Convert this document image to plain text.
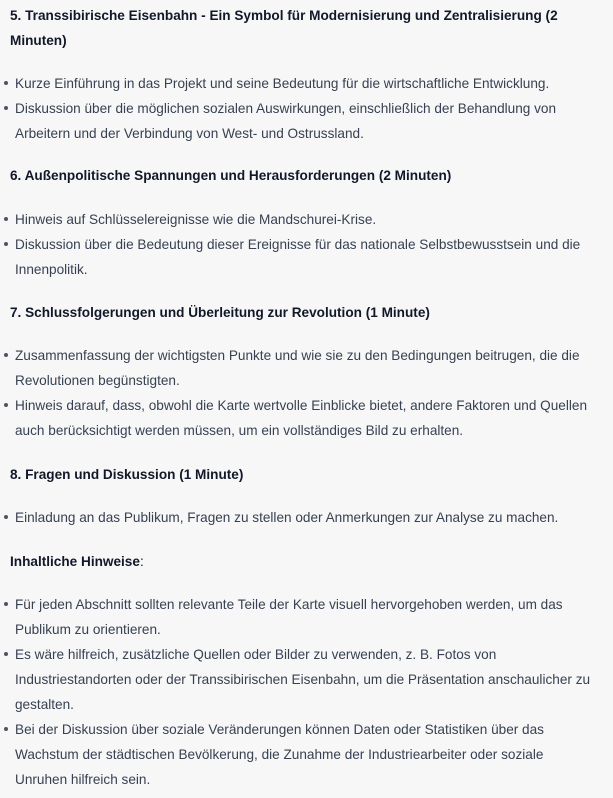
5. Transsibirische Eisenbahn - Ein Symbol für Modernisierung und Zentralisierung (2 Minuten)

Kurze Einführung in das Projekt und seine Bedeutung für die wirtschaftliche Entwicklung.
Diskussion über die möglichen sozialen Auswirkungen, einschließlich der Behandlung von Arbeitern und der Verbindung von West- und Ostrussland.

6. Außenpolitische Spannungen und Herausforderungen (2 Minuten)

Hinweis auf Schlüsselereignisse wie die Mandschurei-Krise.
Diskussion über die Bedeutung dieser Ereignisse für das nationale Selbstbewusstsein und die Innenpolitik.

7. Schlussfolgerungen und Überleitung zur Revolution (1 Minute)

Zusammenfassung der wichtigsten Punkte und wie sie zu den Bedingungen beitrugen, die die Revolutionen begünstigten.
Hinweis darauf, dass, obwohl die Karte wertvolle Einblicke bietet, andere Faktoren und Quellen auch berücksichtigt werden müssen, um ein vollständiges Bild zu erhalten.

8. Fragen und Diskussion (1 Minute)

Einladung an das Publikum, Fragen zu stellen oder Anmerkungen zur Analyse zu machen.

Inhaltliche Hinweise:

Für jeden Abschnitt sollten relevante Teile der Karte visuell hervorgehoben werden, um das Publikum zu orientieren.
Es wäre hilfreich, zusätzliche Quellen oder Bilder zu verwenden, z. B. Fotos von Industriestandorten oder der Transsibirischen Eisenbahn, um die Präsentation anschaulicher zu gestalten.
Bei der Diskussion über soziale Veränderungen können Daten oder Statistiken über das Wachstum der städtischen Bevölkerung, die Zunahme der Industriearbeiter oder soziale Unruhen hilfreich sein.
